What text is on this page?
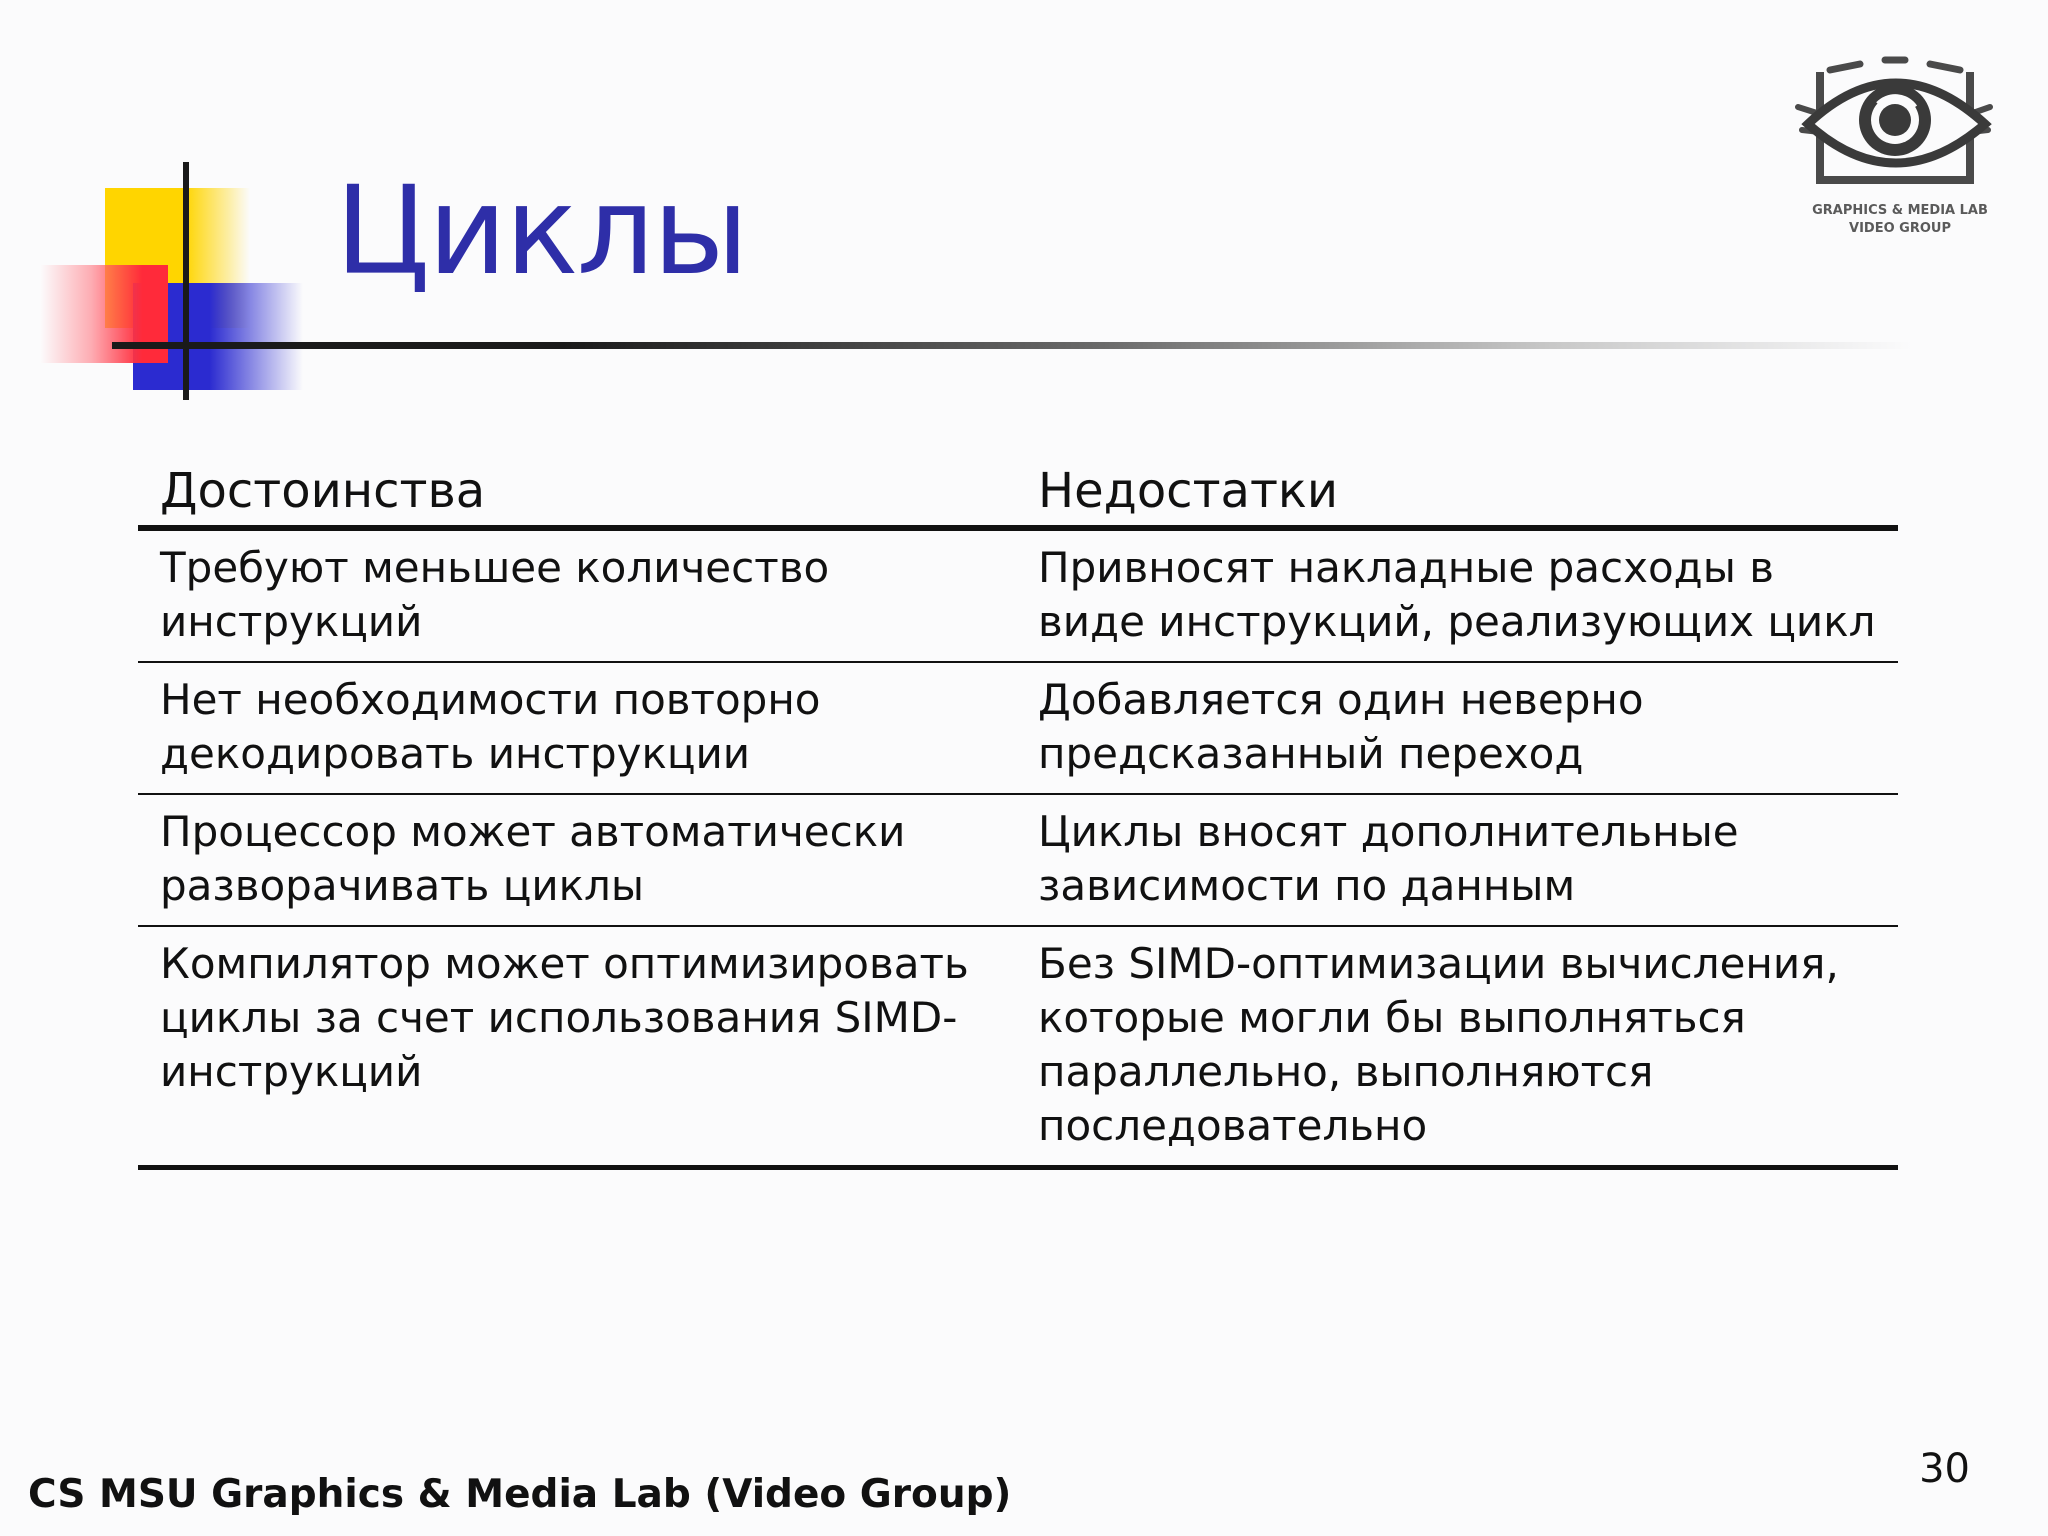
Циклы	GRAPHICS & MEDIA LAB
VIDEO GROUP
Достоинства	Недостатки
Требуют меньшее количество инструкций
Привносят накладные расходы в виде инструкций, реализующих цикл
Нет необходимости повторно декодировать инструкции
Добавляется один неверно предсказанный переход
Процессор может автоматически разворачивать циклы
Циклы вносят дополнительные зависимости по данным
Компилятор может оптимизировать циклы за счет использования SIMD-инструкций
Без SIMD-оптимизации вычисления, которые могли бы выполняться параллельно, выполняются последовательно
CS MSU Graphics & Media Lab (Video Group)
30
